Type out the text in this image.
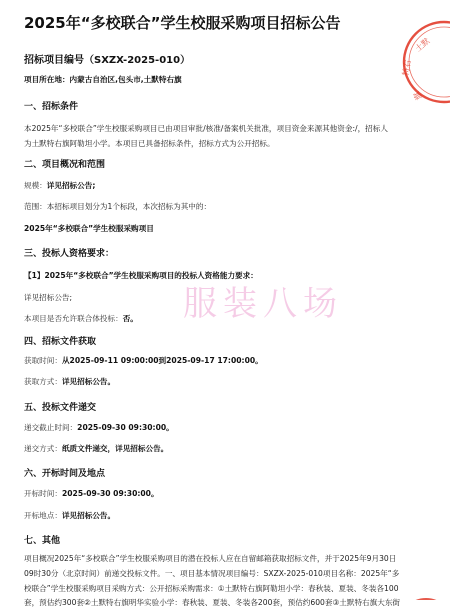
2025年“多校联合”学生校服采购项目招标公告
土默
特右
旗
招标项目编号（SXZX-2025-010）
项目所在地：内蒙古自治区,包头市,土默特右旗
一、招标条件
本2025年“多校联合”学生校服采购项目已由项目审批/核准/备案机关批准，项目资金来源其他资金:/，招标人
为土默特右旗阿勒坦小学。本项目已具备招标条件，招标方式为公开招标。
二、项目概况和范围
规模：详见招标公告;
范围：本招标项目划分为1个标段，本次招标为其中的：
2025年“多校联合”学生校服采购项目
三、投标人资格要求：
【1】2025年“多校联合”学生校服采购项目的投标人资格能力要求：
详见招标公告;
本项目是否允许联合体投标：否。
四、招标文件获取
获取时间：从2025-09-11 09:00:00到2025-09-17 17:00:00。
获取方式：详见招标公告。
五、投标文件递交
递交截止时间：2025-09-30 09:30:00。
递交方式：纸质文件递交，详见招标公告。
六、开标时间及地点
开标时间：2025-09-30 09:30:00。
开标地点：详见招标公告。
七、其他
项目概况2025年“多校联合”学生校服采购项目的潜在投标人应在自留邮箱获取招标文件，并于2025年9月30日
09时30分（北京时间）前递交投标文件。一、项目基本情况项目编号：SXZX-2025-010项目名称：2025年“多
校联合”学生校服采购项目采购方式：公开招标采购需求：①土默特右旗阿勒坦小学：春秋装、夏装、冬装各100
套，预估约300套②土默特右旗明华实验小学：春秋装、夏装、冬装各200套，预估约600套③土默特右旗大东街
服装八场
